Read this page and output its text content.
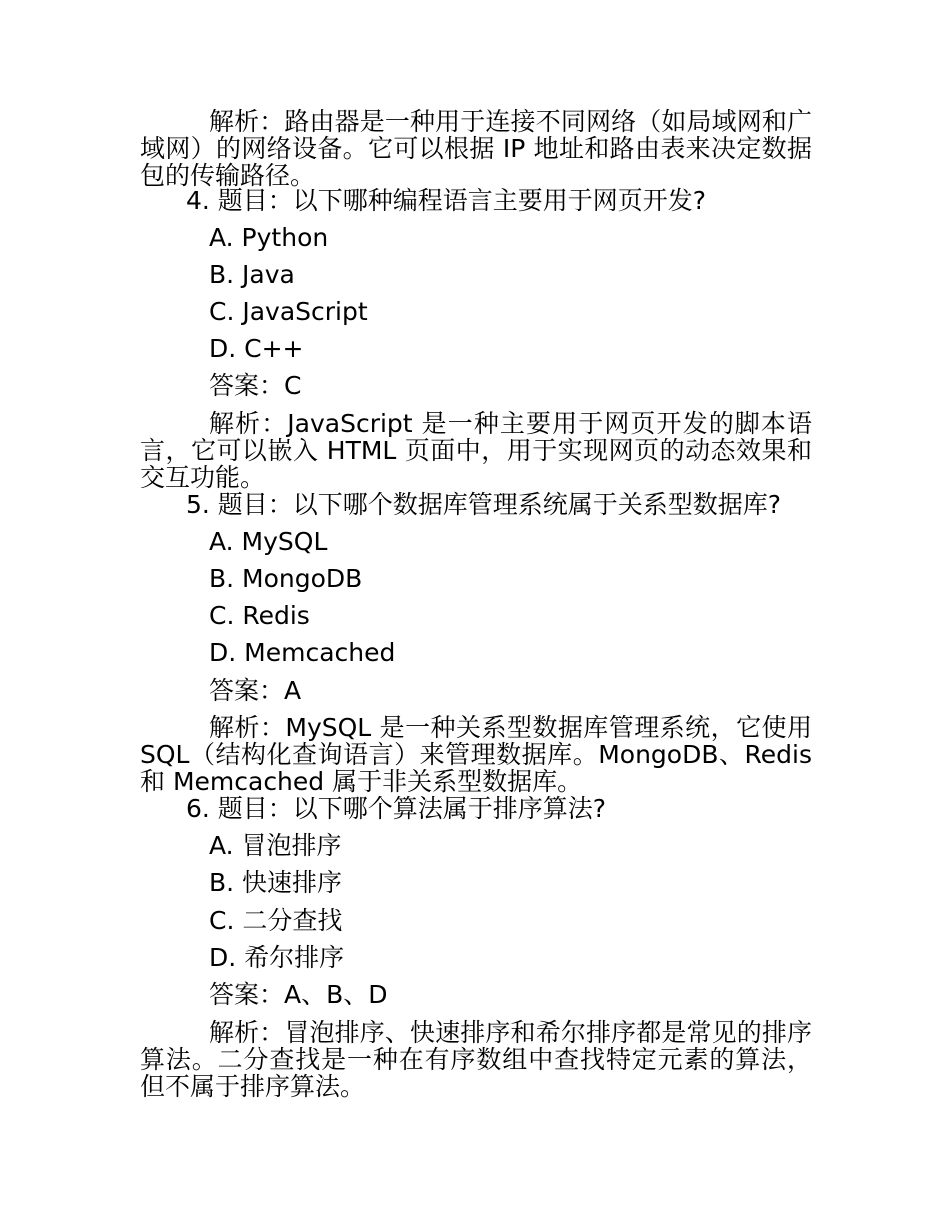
解析：路由器是一种用于连接不同网络（如局域网和广域网）的网络设备。它可以根据 IP 地址和路由表来决定数据包的传输路径。
4. 题目：以下哪种编程语言主要用于网页开发?
A. Python
B. Java
C. JavaScript
D. C++
答案：C
解析：JavaScript 是一种主要用于网页开发的脚本语言，它可以嵌入 HTML 页面中，用于实现网页的动态效果和交互功能。
5. 题目：以下哪个数据库管理系统属于关系型数据库?
A. MySQL
B. MongoDB
C. Redis
D. Memcached
答案：A
解析：MySQL 是一种关系型数据库管理系统，它使用 SQL（结构化查询语言）来管理数据库。MongoDB、Redis 和 Memcached 属于非关系型数据库。
6. 题目：以下哪个算法属于排序算法?
A. 冒泡排序
B. 快速排序
C. 二分查找
D. 希尔排序
答案：A、B、D
解析：冒泡排序、快速排序和希尔排序都是常见的排序算法。二分查找是一种在有序数组中查找特定元素的算法，但不属于排序算法。
